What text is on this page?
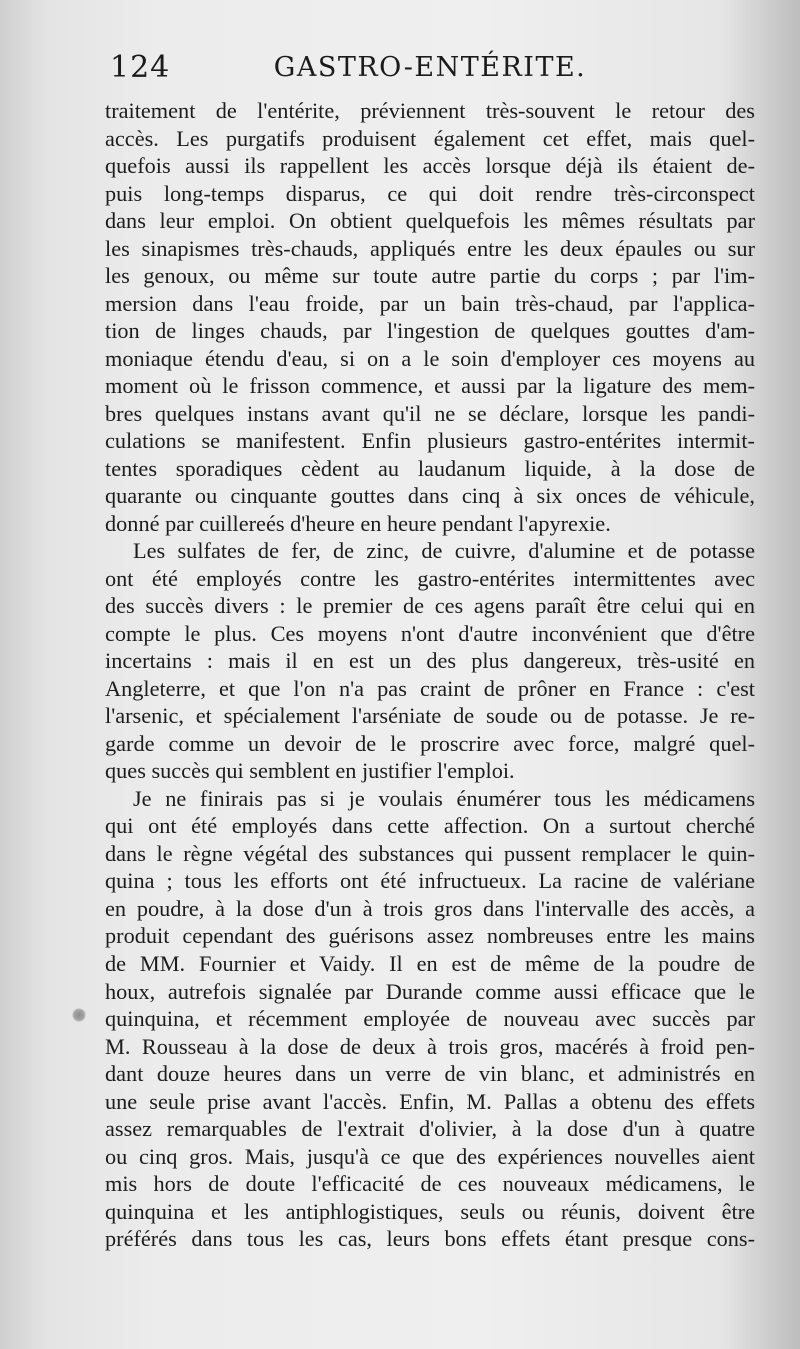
124	GASTRO-ENTÉRITE.
traitement de l'entérite, préviennent très-souvent le retour des
accès. Les purgatifs produisent également cet effet, mais quel-
quefois aussi ils rappellent les accès lorsque déjà ils étaient de-
puis long-temps disparus, ce qui doit rendre très-circonspect
dans leur emploi. On obtient quelquefois les mêmes résultats par
les sinapismes très-chauds, appliqués entre les deux épaules ou sur
les genoux, ou même sur toute autre partie du corps ; par l'im-
mersion dans l'eau froide, par un bain très-chaud, par l'applica-
tion de linges chauds, par l'ingestion de quelques gouttes d'am-
moniaque étendu d'eau, si on a le soin d'employer ces moyens au
moment où le frisson commence, et aussi par la ligature des mem-
bres quelques instans avant qu'il ne se déclare, lorsque les pandi-
culations se manifestent. Enfin plusieurs gastro-entérites intermit-
tentes sporadiques cèdent au laudanum liquide, à la dose de
quarante ou cinquante gouttes dans cinq à six onces de véhicule,
donné par cuillereés d'heure en heure pendant l'apyrexie.
Les sulfates de fer, de zinc, de cuivre, d'alumine et de potasse
ont été employés contre les gastro-entérites intermittentes avec
des succès divers : le premier de ces agens paraît être celui qui en
compte le plus. Ces moyens n'ont d'autre inconvénient que d'être
incertains : mais il en est un des plus dangereux, très-usité en
Angleterre, et que l'on n'a pas craint de prôner en France : c'est
l'arsenic, et spécialement l'arséniate de soude ou de potasse. Je re-
garde comme un devoir de le proscrire avec force, malgré quel-
ques succès qui semblent en justifier l'emploi.
Je ne finirais pas si je voulais énumérer tous les médicamens
qui ont été employés dans cette affection. On a surtout cherché
dans le règne végétal des substances qui pussent remplacer le quin-
quina ; tous les efforts ont été infructueux. La racine de valériane
en poudre, à la dose d'un à trois gros dans l'intervalle des accès, a
produit cependant des guérisons assez nombreuses entre les mains
de MM. Fournier et Vaidy. Il en est de même de la poudre de
houx, autrefois signalée par Durande comme aussi efficace que le
quinquina, et récemment employée de nouveau avec succès par
M. Rousseau à la dose de deux à trois gros, macérés à froid pen-
dant douze heures dans un verre de vin blanc, et administrés en
une seule prise avant l'accès. Enfin, M. Pallas a obtenu des effets
assez remarquables de l'extrait d'olivier, à la dose d'un à quatre
ou cinq gros. Mais, jusqu'à ce que des expériences nouvelles aient
mis hors de doute l'efficacité de ces nouveaux médicamens, le
quinquina et les antiphlogistiques, seuls ou réunis, doivent être
préférés dans tous les cas, leurs bons effets étant presque cons-
